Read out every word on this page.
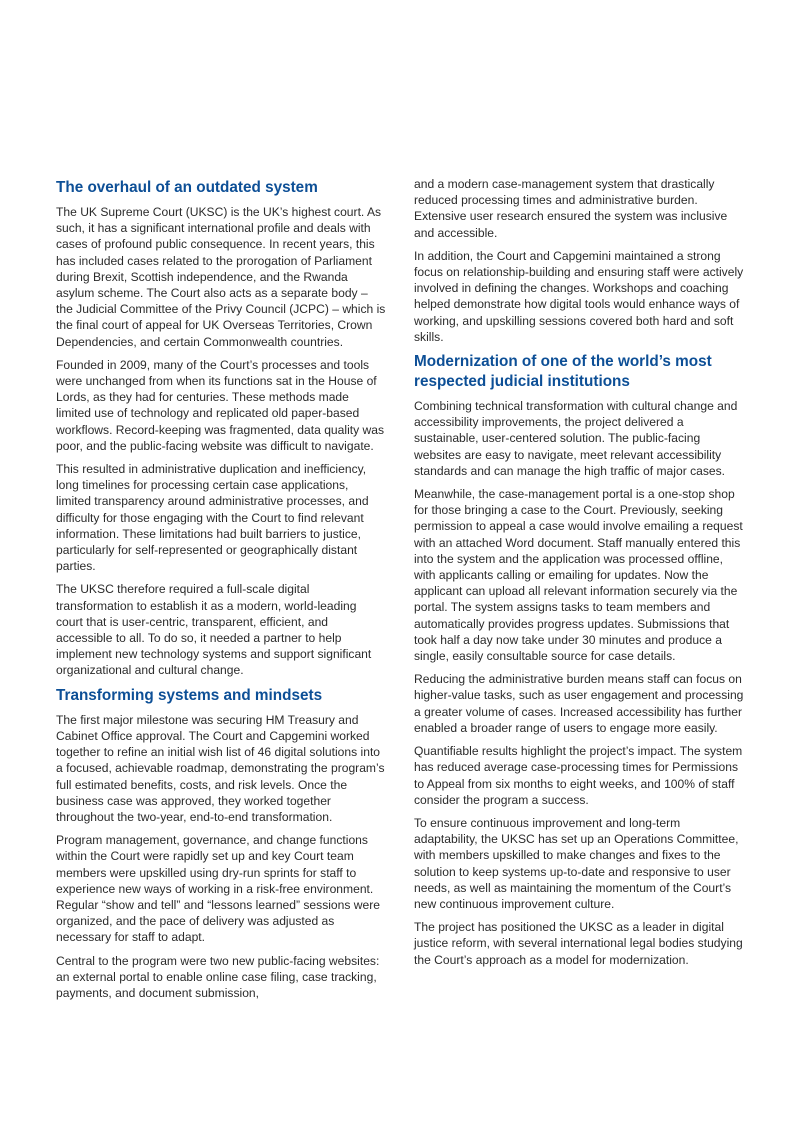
The overhaul of an outdated system

The UK Supreme Court (UKSC) is the UK’s highest court. As such, it has a significant international profile and deals with cases of profound public consequence. In recent years, this has included cases related to the prorogation of Parliament during Brexit, Scottish independence, and the Rwanda asylum scheme. The Court also acts as a separate body – the Judicial Committee of the Privy Council (JCPC) – which is the final court of appeal for UK Overseas Territories, Crown Dependencies, and certain Commonwealth countries.

Founded in 2009, many of the Court’s processes and tools were unchanged from when its functions sat in the House of Lords, as they had for centuries. These methods made limited use of technology and replicated old paper-based workflows. Record-keeping was fragmented, data quality was poor, and the public-facing website was difficult to navigate.

This resulted in administrative duplication and inefficiency, long timelines for processing certain case applications, limited transparency around administrative processes, and difficulty for those engaging with the Court to find relevant information. These limitations had built barriers to justice, particularly for self-represented or geographically distant parties.

The UKSC therefore required a full-scale digital transformation to establish it as a modern, world-leading court that is user-centric, transparent, efficient, and accessible to all. To do so, it needed a partner to help implement new technology systems and support significant organizational and cultural change.

Transforming systems and mindsets

The first major milestone was securing HM Treasury and Cabinet Office approval. The Court and Capgemini worked together to refine an initial wish list of 46 digital solutions into a focused, achievable roadmap, demonstrating the program’s full estimated benefits, costs, and risk levels. Once the business case was approved, they worked together throughout the two-year, end-to-end transformation.

Program management, governance, and change functions within the Court were rapidly set up and key Court team members were upskilled using dry-run sprints for staff to experience new ways of working in a risk-free environment. Regular “show and tell” and “lessons learned” sessions were organized, and the pace of delivery was adjusted as necessary for staff to adapt.

Central to the program were two new public-facing websites: an external portal to enable online case filing, case tracking, payments, and document submission,

and a modern case-management system that drastically reduced processing times and administrative burden. Extensive user research ensured the system was inclusive and accessible.

In addition, the Court and Capgemini maintained a strong focus on relationship-building and ensuring staff were actively involved in defining the changes. Workshops and coaching helped demonstrate how digital tools would enhance ways of working, and upskilling sessions covered both hard and soft skills.

Modernization of one of the world’s most respected judicial institutions

Combining technical transformation with cultural change and accessibility improvements, the project delivered a sustainable, user-centered solution. The public-facing websites are easy to navigate, meet relevant accessibility standards and can manage the high traffic of major cases.

Meanwhile, the case-management portal is a one-stop shop for those bringing a case to the Court. Previously, seeking permission to appeal a case would involve emailing a request with an attached Word document. Staff manually entered this into the system and the application was processed offline, with applicants calling or emailing for updates. Now the applicant can upload all relevant information securely via the portal. The system assigns tasks to team members and automatically provides progress updates. Submissions that took half a day now take under 30 minutes and produce a single, easily consultable source for case details.

Reducing the administrative burden means staff can focus on higher-value tasks, such as user engagement and processing a greater volume of cases. Increased accessibility has further enabled a broader range of users to engage more easily.

Quantifiable results highlight the project’s impact. The system has reduced average case-processing times for Permissions to Appeal from six months to eight weeks, and 100% of staff consider the program a success.

To ensure continuous improvement and long-term adaptability, the UKSC has set up an Operations Committee, with members upskilled to make changes and fixes to the solution to keep systems up-to-date and responsive to user needs, as well as maintaining the momentum of the Court’s new continuous improvement culture.

The project has positioned the UKSC as a leader in digital justice reform, with several international legal bodies studying the Court’s approach as a model for modernization.
